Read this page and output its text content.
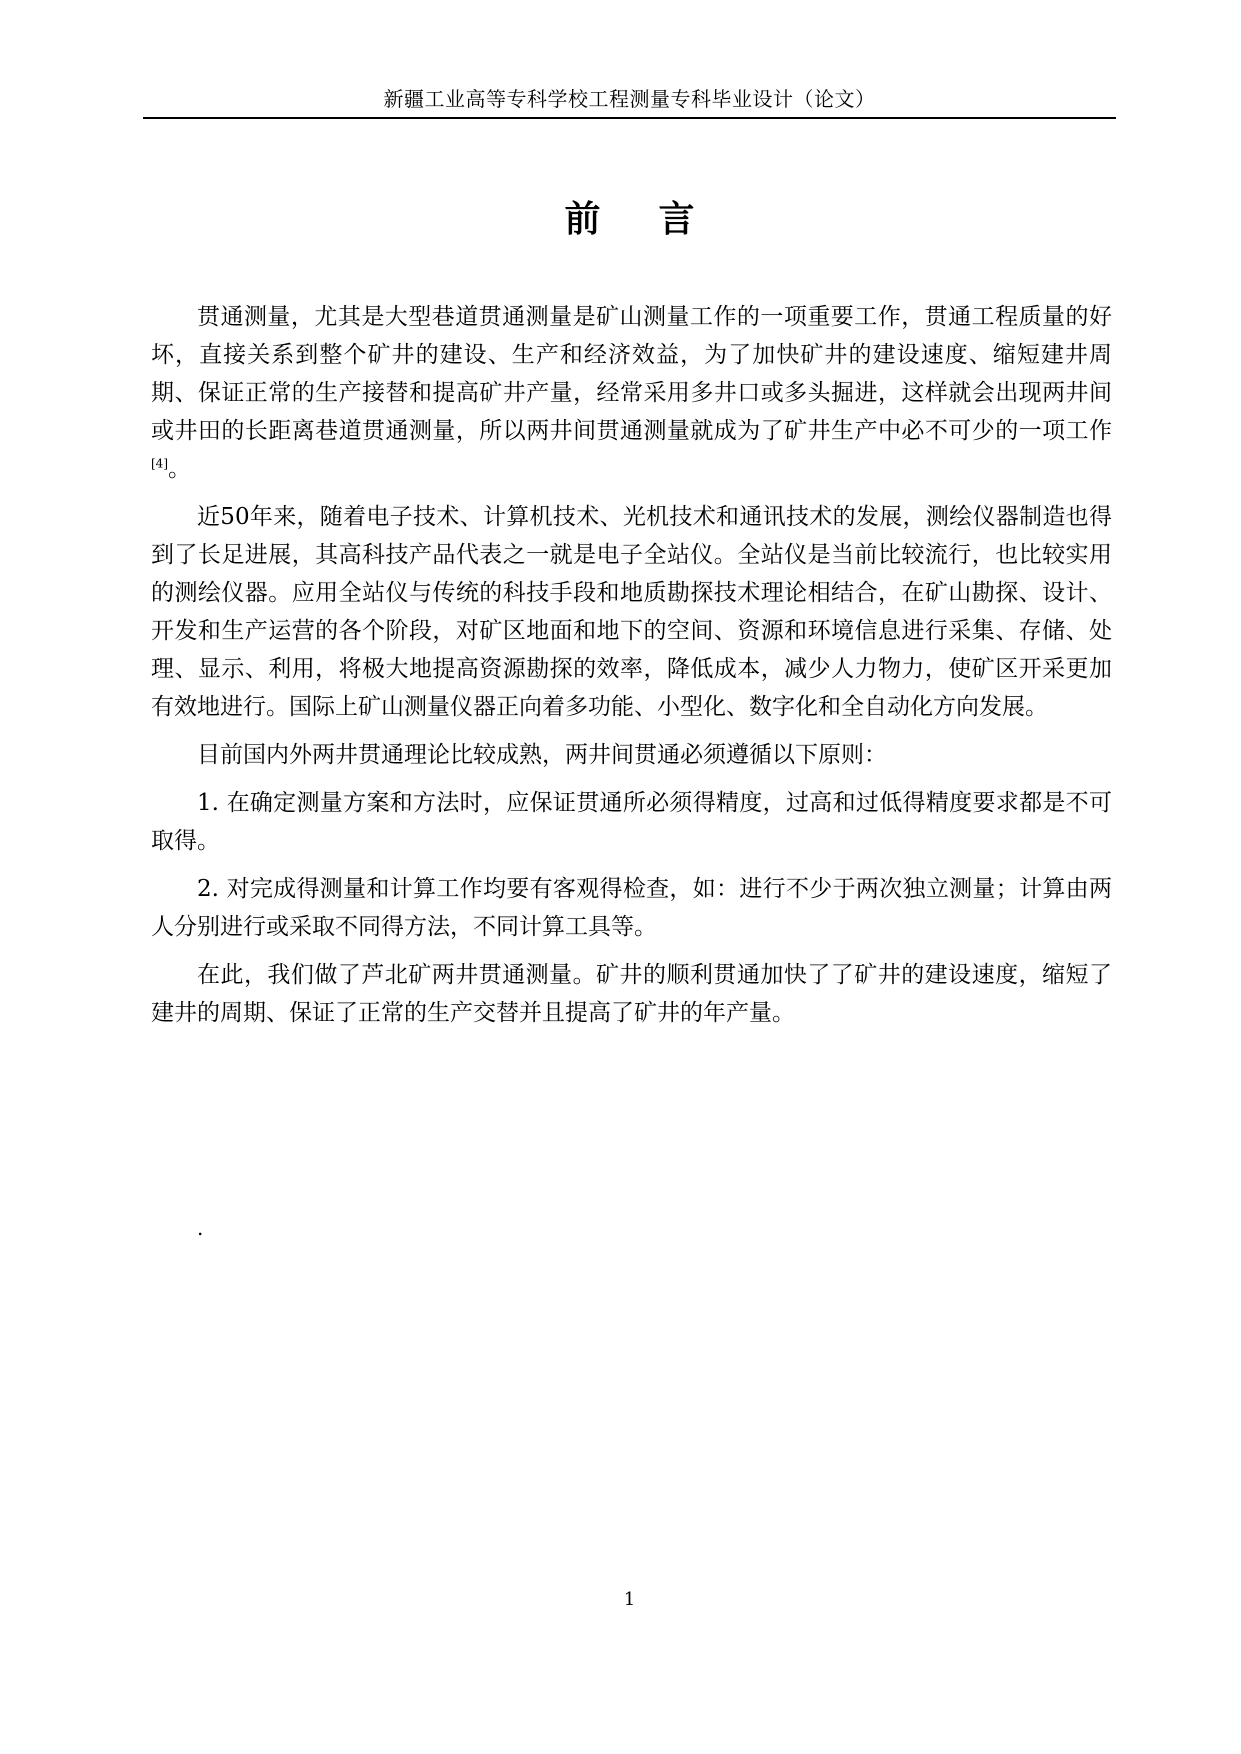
新疆工业高等专科学校工程测量专科毕业设计（论文）
前 言

贯通测量，尤其是大型巷道贯通测量是矿山测量工作的一项重要工作，贯通工程质量的好坏，直接关系到整个矿井的建设、生产和经济效益，为了加快矿井的建设速度、缩短建井周期、保证正常的生产接替和提高矿井产量，经常采用多井口或多头掘进，这样就会出现两井间或井田的长距离巷道贯通测量，所以两井间贯通测量就成为了矿井生产中必不可少的一项工作[4]。

近50年来，随着电子技术、计算机技术、光机技术和通讯技术的发展，测绘仪器制造也得到了长足进展，其高科技产品代表之一就是电子全站仪。全站仪是当前比较流行，也比较实用的测绘仪器。应用全站仪与传统的科技手段和地质勘探技术理论相结合，在矿山勘探、设计、开发和生产运营的各个阶段，对矿区地面和地下的空间、资源和环境信息进行采集、存储、处理、显示、利用，将极大地提高资源勘探的效率，降低成本，减少人力物力，使矿区开采更加有效地进行。国际上矿山测量仪器正向着多功能、小型化、数字化和全自动化方向发展。

目前国内外两井贯通理论比较成熟，两井间贯通必须遵循以下原则：

1. 在确定测量方案和方法时，应保证贯通所必须得精度，过高和过低得精度要求都是不可取得。

2. 对完成得测量和计算工作均要有客观得检查，如：进行不少于两次独立测量；计算由两人分别进行或采取不同得方法，不同计算工具等。

在此，我们做了芦北矿两井贯通测量。矿井的顺利贯通加快了了矿井的建设速度，缩短了建井的周期、保证了正常的生产交替并且提高了矿井的年产量。

.
1
